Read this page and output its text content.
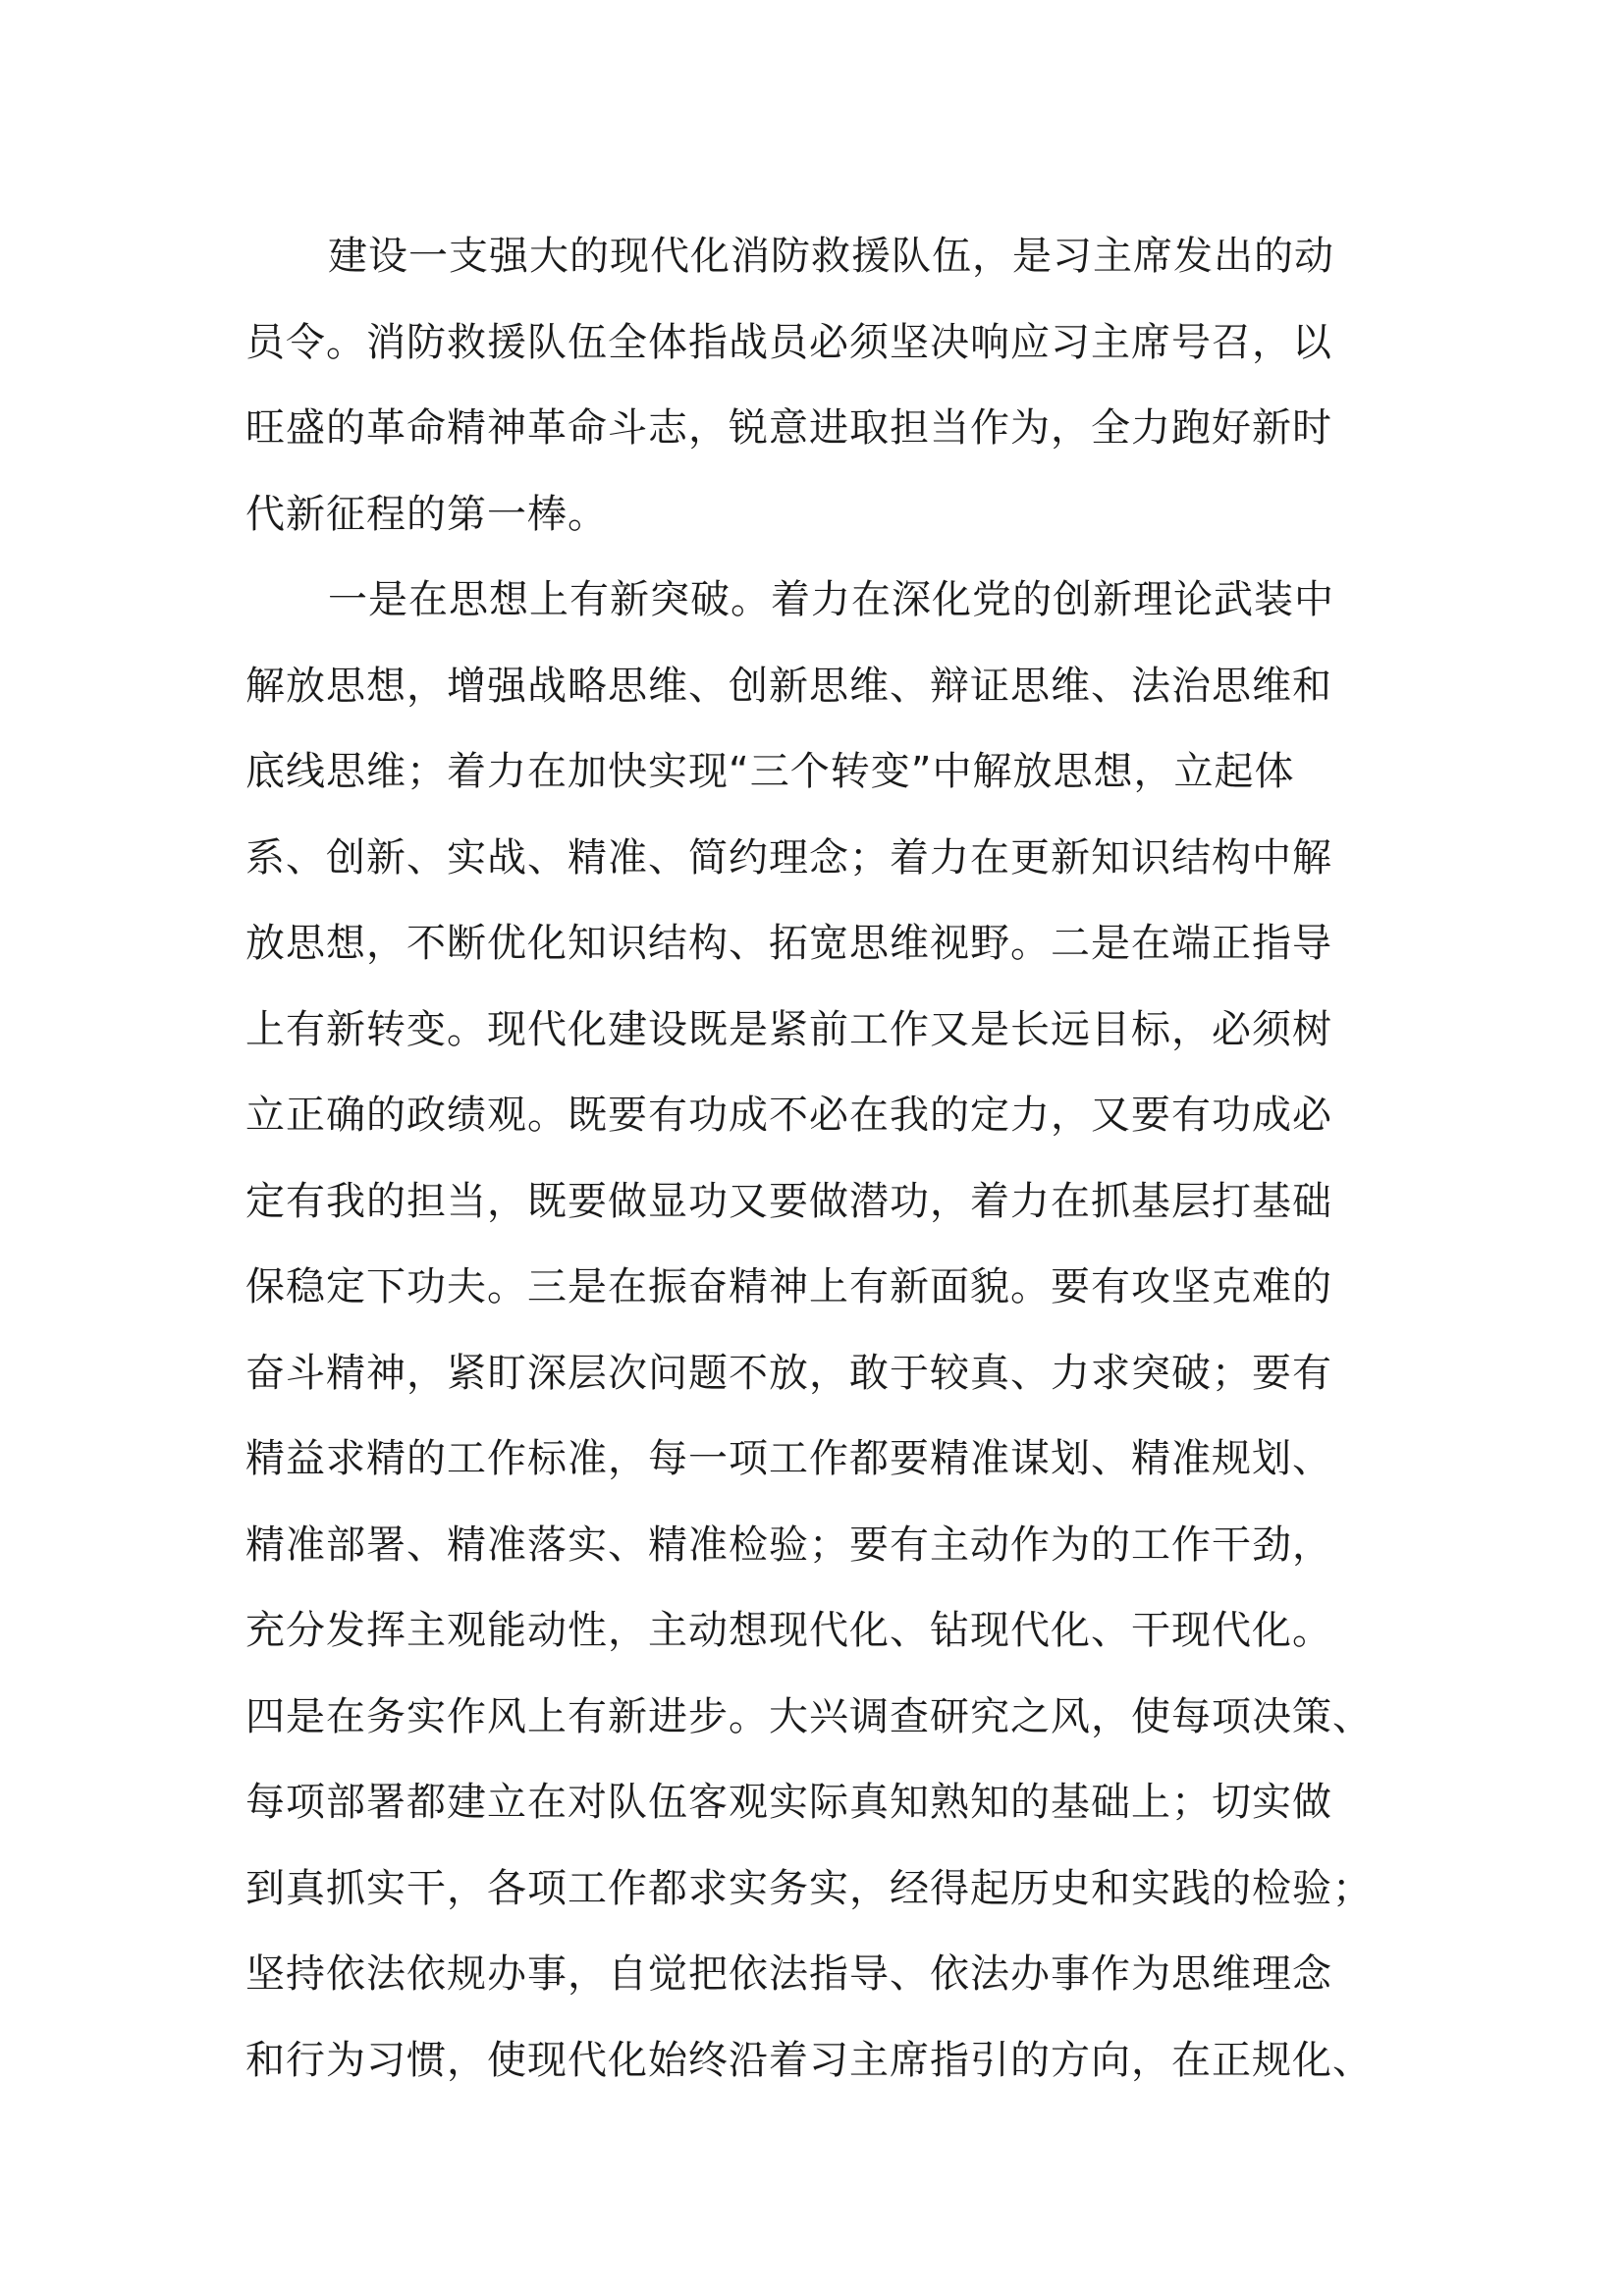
建设一支强大的现代化消防救援队伍，是习主席发出的动
员令。消防救援队伍全体指战员必须坚决响应习主席号召，以
旺盛的革命精神革命斗志，锐意进取担当作为，全力跑好新时
代新征程的第一棒。
一是在思想上有新突破。着力在深化党的创新理论武装中
解放思想，增强战略思维、创新思维、辩证思维、法治思维和
底线思维；着力在加快实现“三个转变”中解放思想，立起体
系、创新、实战、精准、简约理念；着力在更新知识结构中解
放思想，不断优化知识结构、拓宽思维视野。二是在端正指导
上有新转变。现代化建设既是紧前工作又是长远目标，必须树
立正确的政绩观。既要有功成不必在我的定力，又要有功成必
定有我的担当，既要做显功又要做潜功，着力在抓基层打基础
保稳定下功夫。三是在振奋精神上有新面貌。要有攻坚克难的
奋斗精神，紧盯深层次问题不放，敢于较真、力求突破；要有
精益求精的工作标准，每一项工作都要精准谋划、精准规划、
精准部署、精准落实、精准检验；要有主动作为的工作干劲，
充分发挥主观能动性，主动想现代化、钻现代化、干现代化。
四是在务实作风上有新进步。大兴调查研究之风，使每项决策、
每项部署都建立在对队伍客观实际真知熟知的基础上；切实做
到真抓实干，各项工作都求实务实，经得起历史和实践的检验；
坚持依法依规办事，自觉把依法指导、依法办事作为思维理念
和行为习惯，使现代化始终沿着习主席指引的方向，在正规化、
